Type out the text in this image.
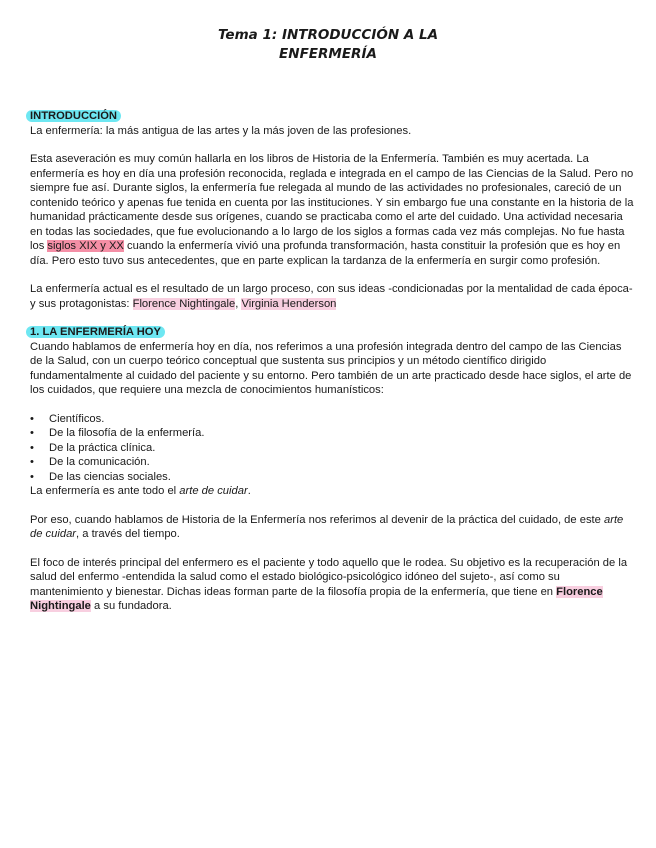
Tema 1: INTRODUCCIÓN A LA
ENFERMERÍA
INTRODUCCIÓN

La enfermería: la más antigua de las artes y la más joven de las profesiones.

Esta aseveración es muy común hallarla en los libros de Historia de la Enfermería. También es muy acertada. La enfermería es hoy en día una profesión reconocida, reglada e integrada en el campo de las Ciencias de la Salud. Pero no siempre fue así. Durante siglos, la enfermería fue relegada al mundo de las actividades no profesionales, careció de un contenido teórico y apenas fue tenida en cuenta por las instituciones. Y sin embargo fue una constante en la historia de la humanidad prácticamente desde sus orígenes, cuando se practicaba como el arte del cuidado. Una actividad necesaria en todas las sociedades, que fue evolucionando a lo largo de los siglos a formas cada vez más complejas. No fue hasta los siglos XIX y XX cuando la enfermería vivió una profunda transformación, hasta constituir la profesión que es hoy en día. Pero esto tuvo sus antecedentes, que en parte explican la tardanza de la enfermería en surgir como profesión.

La enfermería actual es el resultado de un largo proceso, con sus ideas -condicionadas por la mentalidad de cada época- y sus protagonistas: Florence Nightingale, Virginia Henderson

1. LA ENFERMERÍA HOY

Cuando hablamos de enfermería hoy en día, nos referimos a una profesión integrada dentro del campo de las Ciencias de la Salud, con un cuerpo teórico conceptual que sustenta sus principios y un método científico dirigido fundamentalmente al cuidado del paciente y su entorno. Pero también de un arte practicado desde hace siglos, el arte de los cuidados, que requiere una mezcla de conocimientos humanísticos:

• Científicos.
• De la filosofía de la enfermería.
• De la práctica clínica.
• De la comunicación.
• De las ciencias sociales.

La enfermería es ante todo el arte de cuidar.

Por eso, cuando hablamos de Historia de la Enfermería nos referimos al devenir de la práctica del cuidado, de este arte de cuidar, a través del tiempo.

El foco de interés principal del enfermero es el paciente y todo aquello que le rodea. Su objetivo es la recuperación de la salud del enfermo -entendida la salud como el estado biológico-psicológico idóneo del sujeto-, así como su mantenimiento y bienestar. Dichas ideas forman parte de la filosofía propia de la enfermería, que tiene en Florence Nightingale a su fundadora.
